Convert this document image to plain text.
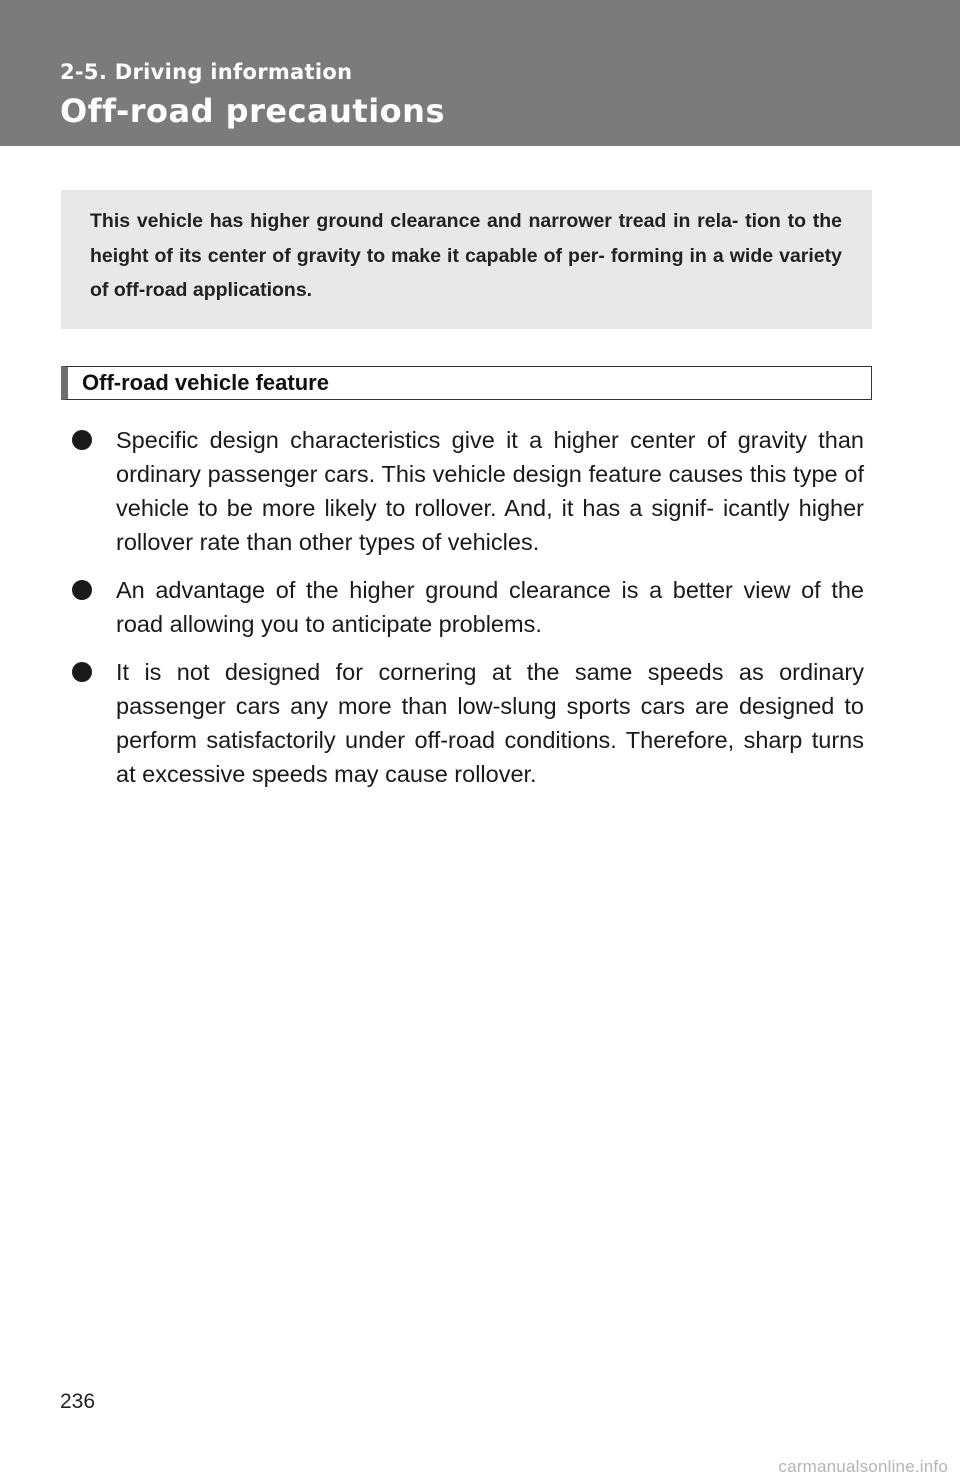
2-5. Driving information
Off-road precautions

This vehicle has higher ground clearance and narrower tread in rela- tion to the height of its center of gravity to make it capable of per- forming in a wide variety of off-road applications.

Off-road vehicle feature
Specific design characteristics give it a higher center of gravity than ordinary passenger cars. This vehicle design feature causes this type of vehicle to be more likely to rollover. And, it has a signif- icantly higher rollover rate than other types of vehicles.
An advantage of the higher ground clearance is a better view of the road allowing you to anticipate problems.
It is not designed for cornering at the same speeds as ordinary passenger cars any more than low-slung sports cars are designed to perform satisfactorily under off-road conditions. Therefore, sharp turns at excessive speeds may cause rollover.
236
carmanualsonline.info
